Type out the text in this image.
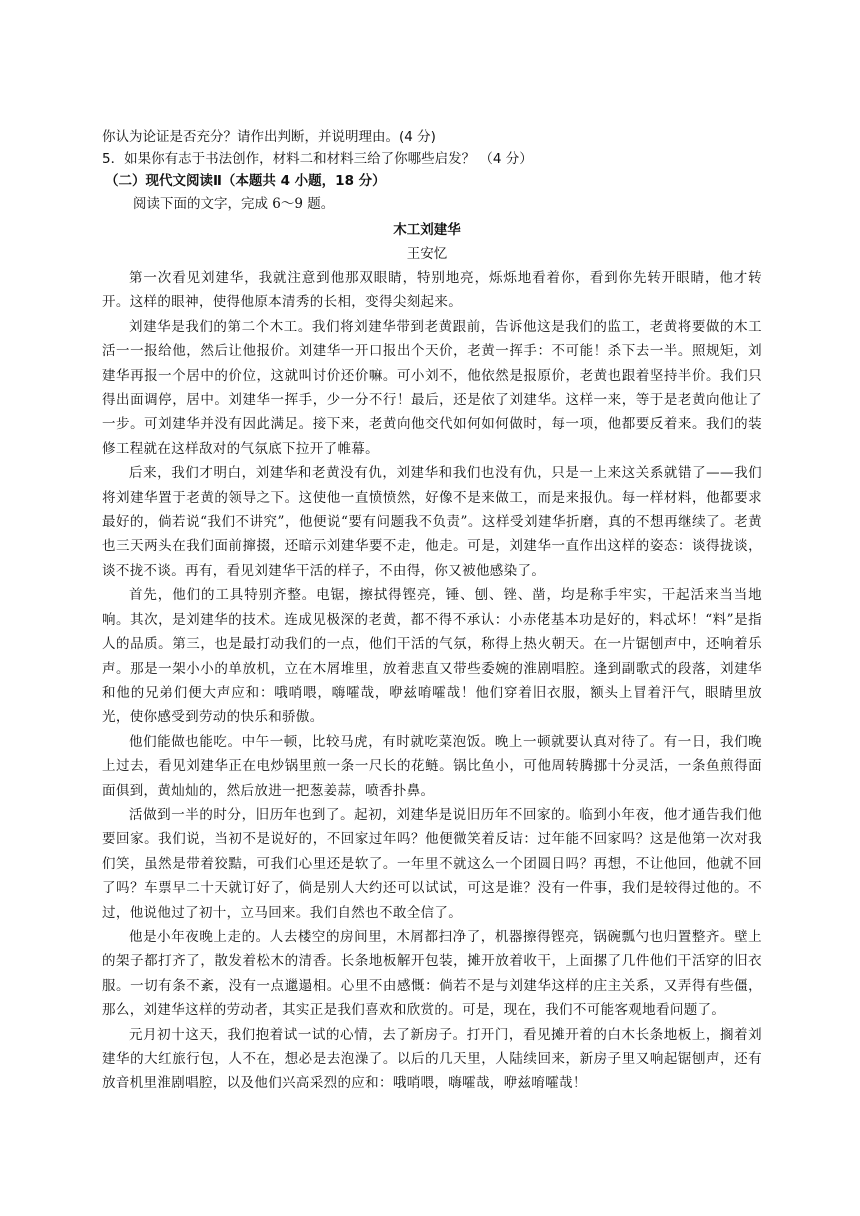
你认为论证是否充分？请作出判断，并说明理由。(4 分)
5．如果你有志于书法创作，材料二和材料三给了你哪些启发？ （4 分）
（二）现代文阅读Ⅱ（本题共 4 小题，18 分）
阅读下面的文字，完成 6～9 题。
木工刘建华
王安忆

第一次看见刘建华，我就注意到他那双眼睛，特别地亮，烁烁地看着你，看到你先转开眼睛，他才转开。这样的眼神，使得他原本清秀的长相，变得尖刻起来。

刘建华是我们的第二个木工。我们将刘建华带到老黄跟前，告诉他这是我们的监工，老黄将要做的木工活一一报给他，然后让他报价。刘建华一开口报出个天价，老黄一挥手：不可能！杀下去一半。照规矩，刘建华再报一个居中的价位，这就叫讨价还价嘛。可小刘不，他依然是报原价，老黄也跟着坚持半价。我们只得出面调停，居中。刘建华一挥手，少一分不行！最后，还是依了刘建华。这样一来，等于是老黄向他让了一步。可刘建华并没有因此满足。接下来，老黄向他交代如何如何做时，每一项，他都要反着来。我们的装修工程就在这样敌对的气氛底下拉开了帷幕。

后来，我们才明白，刘建华和老黄没有仇，刘建华和我们也没有仇，只是一上来这关系就错了——我们将刘建华置于老黄的领导之下。这使他一直愤愤然，好像不是来做工，而是来报仇。每一样材料，他都要求最好的，倘若说“我们不讲究”，他便说“要有问题我不负责”。这样受刘建华折磨，真的不想再继续了。老黄也三天两头在我们面前撺掇，还暗示刘建华要不走，他走。可是，刘建华一直作出这样的姿态：谈得拢谈，谈不拢不谈。再有，看见刘建华干活的样子，不由得，你又被他感染了。

首先，他们的工具特别齐整。电锯，擦拭得铿亮，锤、刨、锉、凿，均是称手牢实，干起活来当当地响。其次，是刘建华的技术。连成见极深的老黄，都不得不承认：小赤佬基本功是好的，料忒坏！“料”是指人的品质。第三，也是最打动我们的一点，他们干活的气氛，称得上热火朝天。在一片锯刨声中，还响着乐声。那是一架小小的单放机，立在木屑堆里，放着悲直又带些委婉的淮剧唱腔。逢到副歌式的段落，刘建华和他的兄弟们便大声应和：哦哨喂，嗨嚯哉，咿兹唷嚯哉！他们穿着旧衣服，额头上冒着汗气，眼睛里放光，使你感受到劳动的快乐和骄傲。

他们能做也能吃。中午一顿，比较马虎，有时就吃菜泡饭。晚上一顿就要认真对待了。有一日，我们晚上过去，看见刘建华正在电炒锅里煎一条一尺长的花鲢。锅比鱼小，可他周转腾挪十分灵活，一条鱼煎得面面俱到，黄灿灿的，然后放进一把葱姜蒜，喷香扑鼻。

活做到一半的时分，旧历年也到了。起初，刘建华是说旧历年不回家的。临到小年夜，他才通告我们他要回家。我们说，当初不是说好的，不回家过年吗？他便微笑着反诘：过年能不回家吗？这是他第一次对我们笑，虽然是带着狡黠，可我们心里还是软了。一年里不就这么一个团圆日吗？再想，不让他回，他就不回了吗？车票早二十天就订好了，倘是别人大约还可以试试，可这是谁？没有一件事，我们是较得过他的。不过，他说他过了初十，立马回来。我们自然也不敢全信了。

他是小年夜晚上走的。人去楼空的房间里，木屑都扫净了，机器擦得铿亮，锅碗瓢勺也归置整齐。壁上的架子都打齐了，散发着松木的清香。长条地板解开包装，摊开放着收干，上面摞了几件他们干活穿的旧衣服。一切有条不紊，没有一点邋遢相。心里不由感慨：倘若不是与刘建华这样的庄主关系，又弄得有些僵，那么，刘建华这样的劳动者，其实正是我们喜欢和欣赏的。可是，现在，我们不可能客观地看问题了。

元月初十这天，我们抱着试一试的心情，去了新房子。打开门，看见摊开着的白木长条地板上，搁着刘建华的大红旅行包，人不在，想必是去泡澡了。以后的几天里，人陆续回来，新房子里又响起锯刨声，还有放音机里淮剧唱腔，以及他们兴高采烈的应和：哦哨喂，嗨嚯哉，咿兹唷嚯哉！
